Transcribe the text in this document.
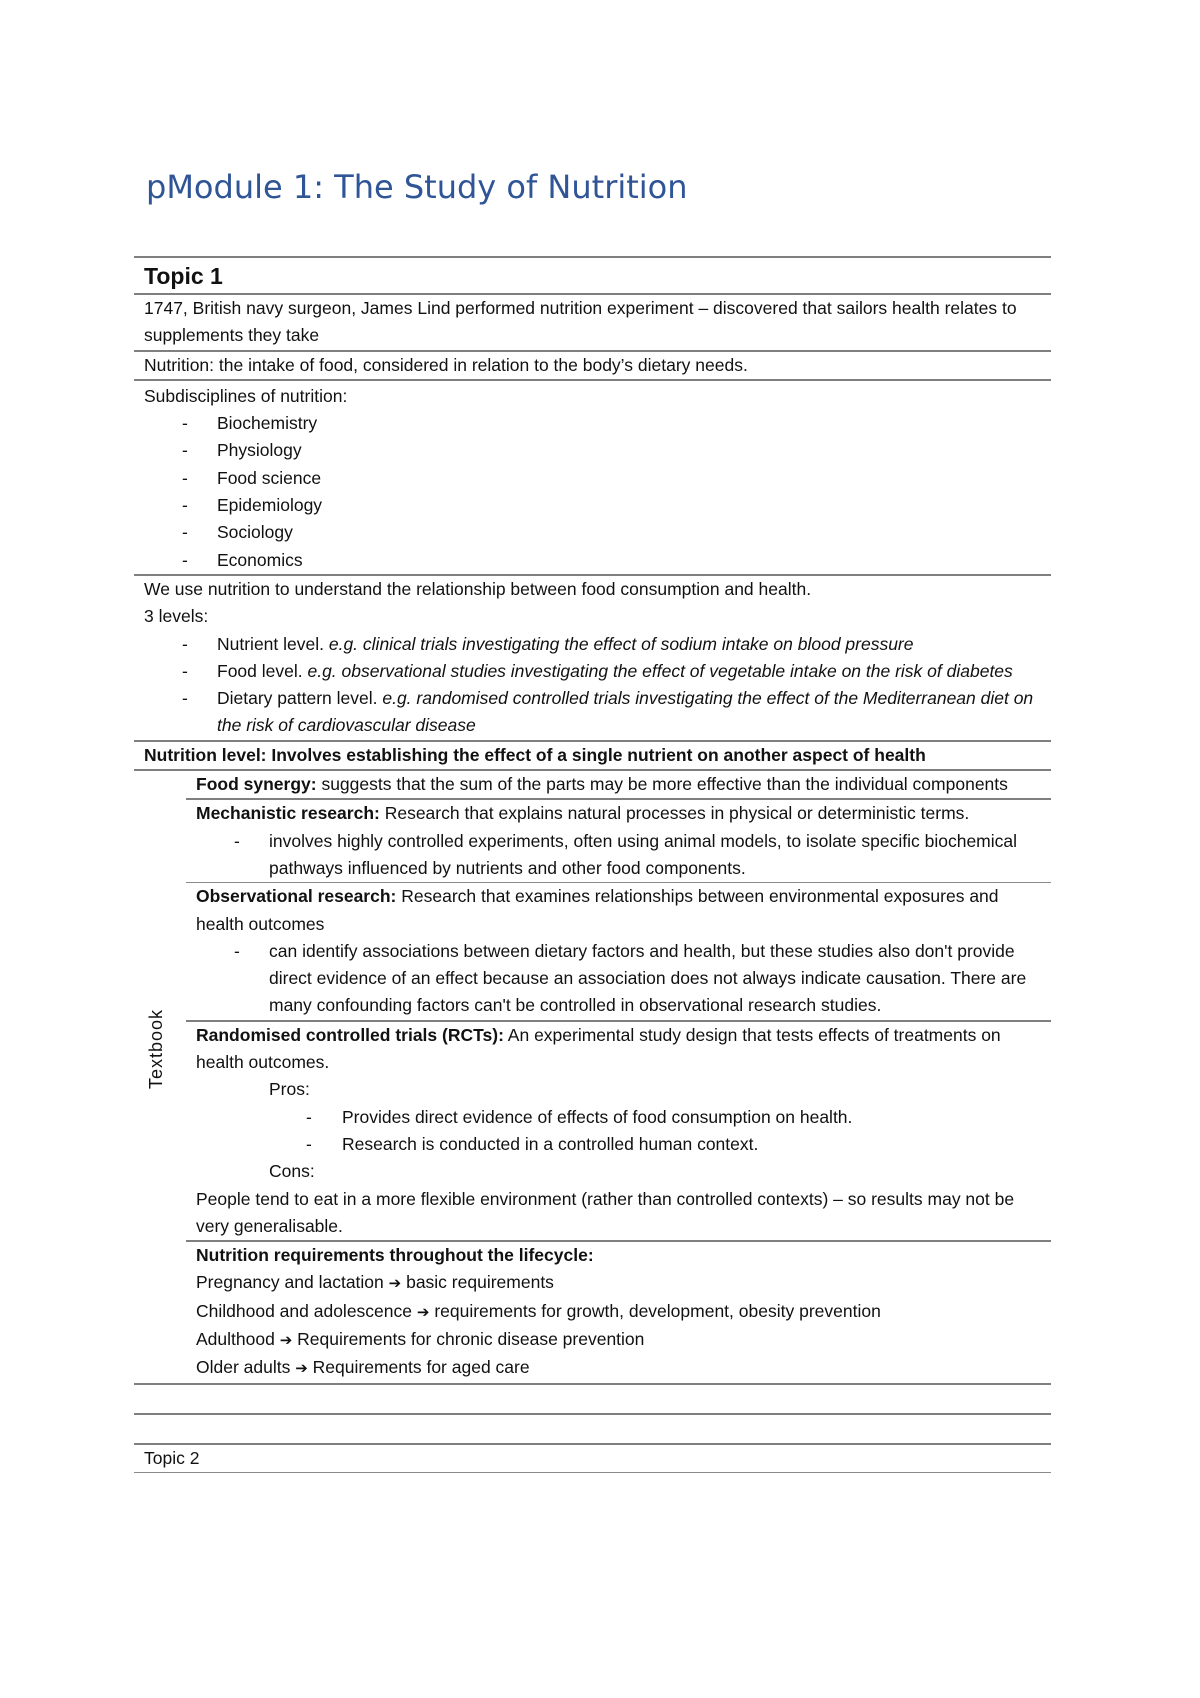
pModule 1: The Study of Nutrition
Topic 1

1747, British navy surgeon, James Lind performed nutrition experiment – discovered that sailors health relates to supplements they take

Nutrition: the intake of food, considered in relation to the body’s dietary needs.

Subdisciplines of nutrition:

- Biochemistry

- Physiology

- Food science

- Epidemiology

- Sociology

- Economics

We use nutrition to understand the relationship between food consumption and health.

3 levels:

- Nutrient level. e.g. clinical trials investigating the effect of sodium intake on blood pressure

- Food level. e.g. observational studies investigating the effect of vegetable intake on the risk of diabetes

- Dietary pattern level. e.g. randomised controlled trials investigating the effect of the Mediterranean diet on the risk of cardiovascular disease

Nutrition level: Involves establishing the effect of a single nutrient on another aspect of health

Textbook

Food synergy: suggests that the sum of the parts may be more effective than the individual components

Mechanistic research: Research that explains natural processes in physical or deterministic terms.

- involves highly controlled experiments, often using animal models, to isolate specific biochemical pathways influenced by nutrients and other food components.

Observational research: Research that examines relationships between environmental exposures and health outcomes

- can identify associations between dietary factors and health, but these studies also don't provide direct evidence of an effect because an association does not always indicate causation. There are many confounding factors can't be controlled in observational research studies.

Randomised controlled trials (RCTs): An experimental study design that tests effects of treatments on health outcomes.

Pros:

- Provides direct evidence of effects of food consumption on health.

- Research is conducted in a controlled human context.

Cons:

People tend to eat in a more flexible environment (rather than controlled contexts) – so results may not be very generalisable.

Nutrition requirements throughout the lifecycle:

Pregnancy and lactation ➔ basic requirements

Childhood and adolescence ➔ requirements for growth, development, obesity prevention

Adulthood ➔ Requirements for chronic disease prevention

Older adults ➔ Requirements for aged care

Topic 2
